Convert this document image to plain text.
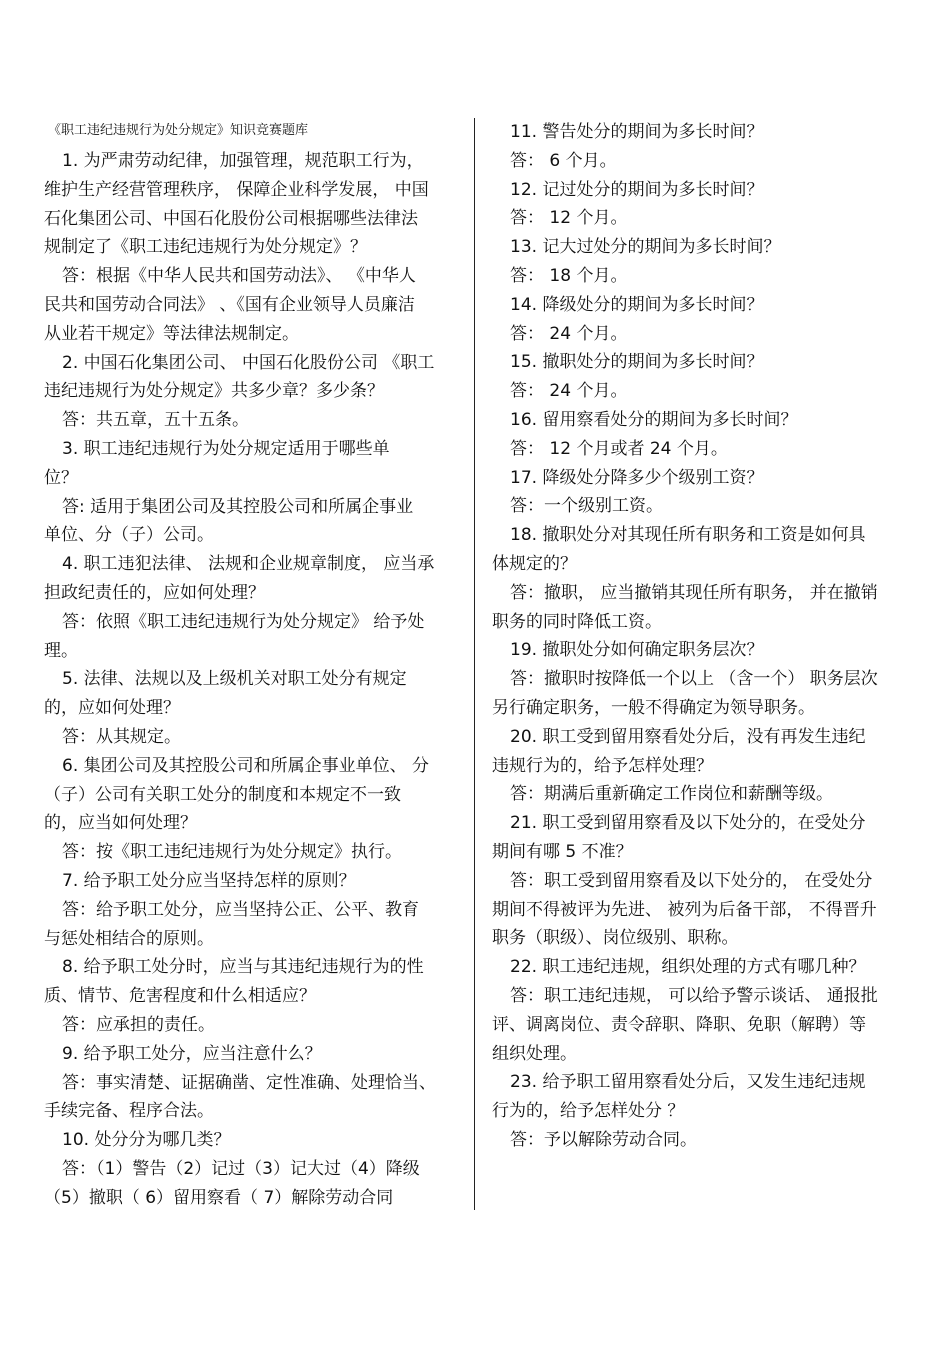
《职工违纪违规行为处分规定》知识竞赛题库
1. 为严肃劳动纪律，加强管理，规范职工行为，
维护生产经营管理秩序， 保障企业科学发展， 中国
石化集团公司、中国石化股份公司根据哪些法律法
规制定了《职工违纪违规行为处分规定》？
答：根据《中华人民共和国劳动法》、 《中华人
民共和国劳动合同法》 、《国有企业领导人员廉洁
从业若干规定》等法律法规制定。
2. 中国石化集团公司、 中国石化股份公司 《职工
违纪违规行为处分规定》共多少章？多少条？
答：共五章，五十五条。
3. 职工违纪违规行为处分规定适用于哪些单
位？
答: 适用于集团公司及其控股公司和所属企事业
单位、分（子）公司。
4. 职工违犯法律、 法规和企业规章制度， 应当承
担政纪责任的，应如何处理？
答：依照《职工违纪违规行为处分规定》 给予处
理。
5. 法律、法规以及上级机关对职工处分有规定
的，应如何处理？
答：从其规定。
6. 集团公司及其控股公司和所属企事业单位、 分
（子）公司有关职工处分的制度和本规定不一致
的，应当如何处理？
答：按《职工违纪违规行为处分规定》执行。
7. 给予职工处分应当坚持怎样的原则？
答：给予职工处分，应当坚持公正、公平、教育
与惩处相结合的原则。
8. 给予职工处分时，应当与其违纪违规行为的性
质、情节、危害程度和什么相适应？
答：应承担的责任。
9. 给予职工处分，应当注意什么？
答：事实清楚、证据确凿、定性准确、处理恰当、
手续完备、程序合法。
10. 处分分为哪几类？
答：（1）警告（2）记过（3）记大过（4）降级
（5）撤职（ 6）留用察看（ 7）解除劳动合同
11. 警告处分的期间为多长时间？
答： 6 个月。
12. 记过处分的期间为多长时间？
答： 12 个月。
13. 记大过处分的期间为多长时间？
答： 18 个月。
14. 降级处分的期间为多长时间？
答： 24 个月。
15. 撤职处分的期间为多长时间？
答： 24 个月。
16. 留用察看处分的期间为多长时间？
答： 12 个月或者 24 个月。
17. 降级处分降多少个级别工资？
答：一个级别工资。
18. 撤职处分对其现任所有职务和工资是如何具
体规定的？
答：撤职， 应当撤销其现任所有职务， 并在撤销
职务的同时降低工资。
19. 撤职处分如何确定职务层次？
答：撤职时按降低一个以上 （含一个） 职务层次
另行确定职务，一般不得确定为领导职务。
20. 职工受到留用察看处分后，没有再发生违纪
违规行为的，给予怎样处理？
答：期满后重新确定工作岗位和薪酬等级。
21. 职工受到留用察看及以下处分的，在受处分
期间有哪 5 不准？
答：职工受到留用察看及以下处分的， 在受处分
期间不得被评为先进、 被列为后备干部， 不得晋升
职务（职级）、岗位级别、职称。
22. 职工违纪违规，组织处理的方式有哪几种？
答：职工违纪违规， 可以给予警示谈话、 通报批
评、调离岗位、责令辞职、降职、免职（解聘）等
组织处理。
23. 给予职工留用察看处分后，又发生违纪违规
行为的，给予怎样处分 ？
答：予以解除劳动合同。
